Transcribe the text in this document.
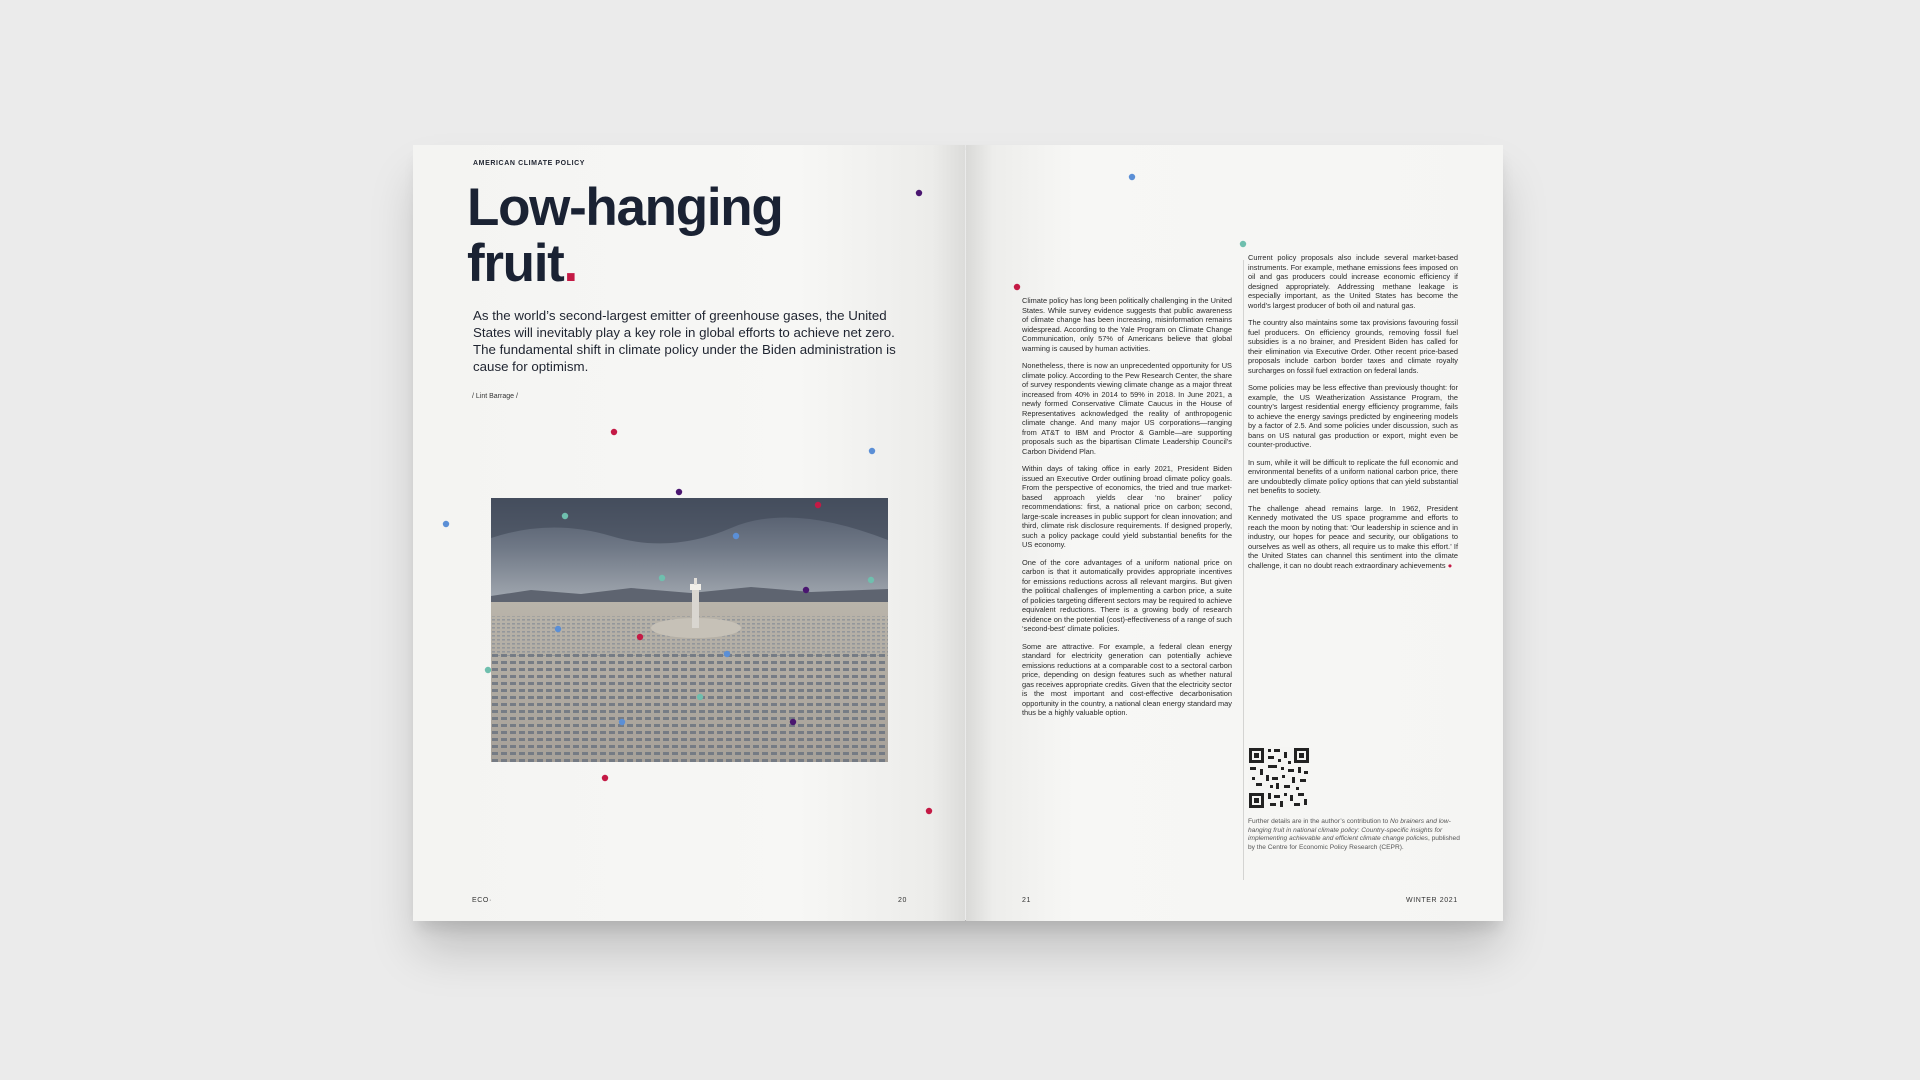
AMERICAN CLIMATE POLICY
Low-hanging
fruit.

As the world’s second-largest emitter of greenhouse gases, the United States will inevitably play a key role in global efforts to achieve net zero. The fundamental shift in climate policy under the Biden administration is cause for optimism.

/ Lint Barrage /
ECO·	20

Climate policy has long been politically challenging in the United States. While survey evidence suggests that public awareness of climate change has been increasing, misinformation remains widespread. According to the Yale Program on Climate Change Communication, only 57% of Americans believe that global warming is caused by human activities.

Nonetheless, there is now an unprecedented opportunity for US climate policy. According to the Pew Research Center, the share of survey respondents viewing climate change as a major threat increased from 40% in 2014 to 59% in 2018. In June 2021, a newly formed Conservative Climate Caucus in the House of Representatives acknowledged the reality of anthropogenic climate change. And many major US corporations—ranging from AT&T to IBM and Proctor & Gamble—are supporting proposals such as the bipartisan Climate Leadership Council’s Carbon Dividend Plan.

Within days of taking office in early 2021, President Biden issued an Executive Order outlining broad climate policy goals. From the perspective of economics, the tried and true market-based approach yields clear ‘no brainer’ policy recommendations: first, a national price on carbon; second, large-scale increases in public support for clean innovation; and third, climate risk disclosure requirements. If designed properly, such a policy package could yield substantial benefits for the US economy.

One of the core advantages of a uniform national price on carbon is that it automatically provides appropriate incentives for emissions reductions across all relevant margins. But given the political challenges of implementing a carbon price, a suite of policies targeting different sectors may be required to achieve equivalent reductions. There is a growing body of research evidence on the potential (cost)-effectiveness of a range of such ‘second-best’ climate policies.

Some are attractive. For example, a federal clean energy standard for electricity generation can potentially achieve emissions reductions at a comparable cost to a sectoral carbon price, depending on design features such as whether natural gas receives appropriate credits. Given that the electricity sector is the most important and cost-effective decarbonisation opportunity in the country, a national clean energy standard may thus be a highly valuable option.

Current policy proposals also include several market-based instruments. For example, methane emissions fees imposed on oil and gas producers could increase economic efficiency if designed appropriately. Addressing methane leakage is especially important, as the United States has become the world’s largest producer of both oil and natural gas.

The country also maintains some tax provisions favouring fossil fuel producers. On efficiency grounds, removing fossil fuel subsidies is a no brainer, and President Biden has called for their elimination via Executive Order. Other recent price-based proposals include carbon border taxes and climate royalty surcharges on fossil fuel extraction on federal lands.

Some policies may be less effective than previously thought: for example, the US Weatherization Assistance Program, the country’s largest residential energy efficiency programme, fails to achieve the energy savings predicted by engineering models by a factor of 2.5. And some policies under discussion, such as bans on US natural gas production or export, might even be counter-productive.

In sum, while it will be difficult to replicate the full economic and environmental benefits of a uniform national carbon price, there are undoubtedly climate policy options that can yield substantial net benefits to society.

The challenge ahead remains large. In 1962, President Kennedy motivated the US space programme and efforts to reach the moon by noting that: ‘Our leadership in science and in industry, our hopes for peace and security, our obligations to ourselves as well as others, all require us to make this effort.’ If the United States can channel this sentiment into the climate challenge, it can no doubt reach extraordinary achievements ●

Further details are in the author’s contribution to No brainers and low-hanging fruit in national climate policy: Country-specific insights for implementing achievable and efficient climate change policies, published by the Centre for Economic Policy Research (CEPR).
21	WINTER 2021
